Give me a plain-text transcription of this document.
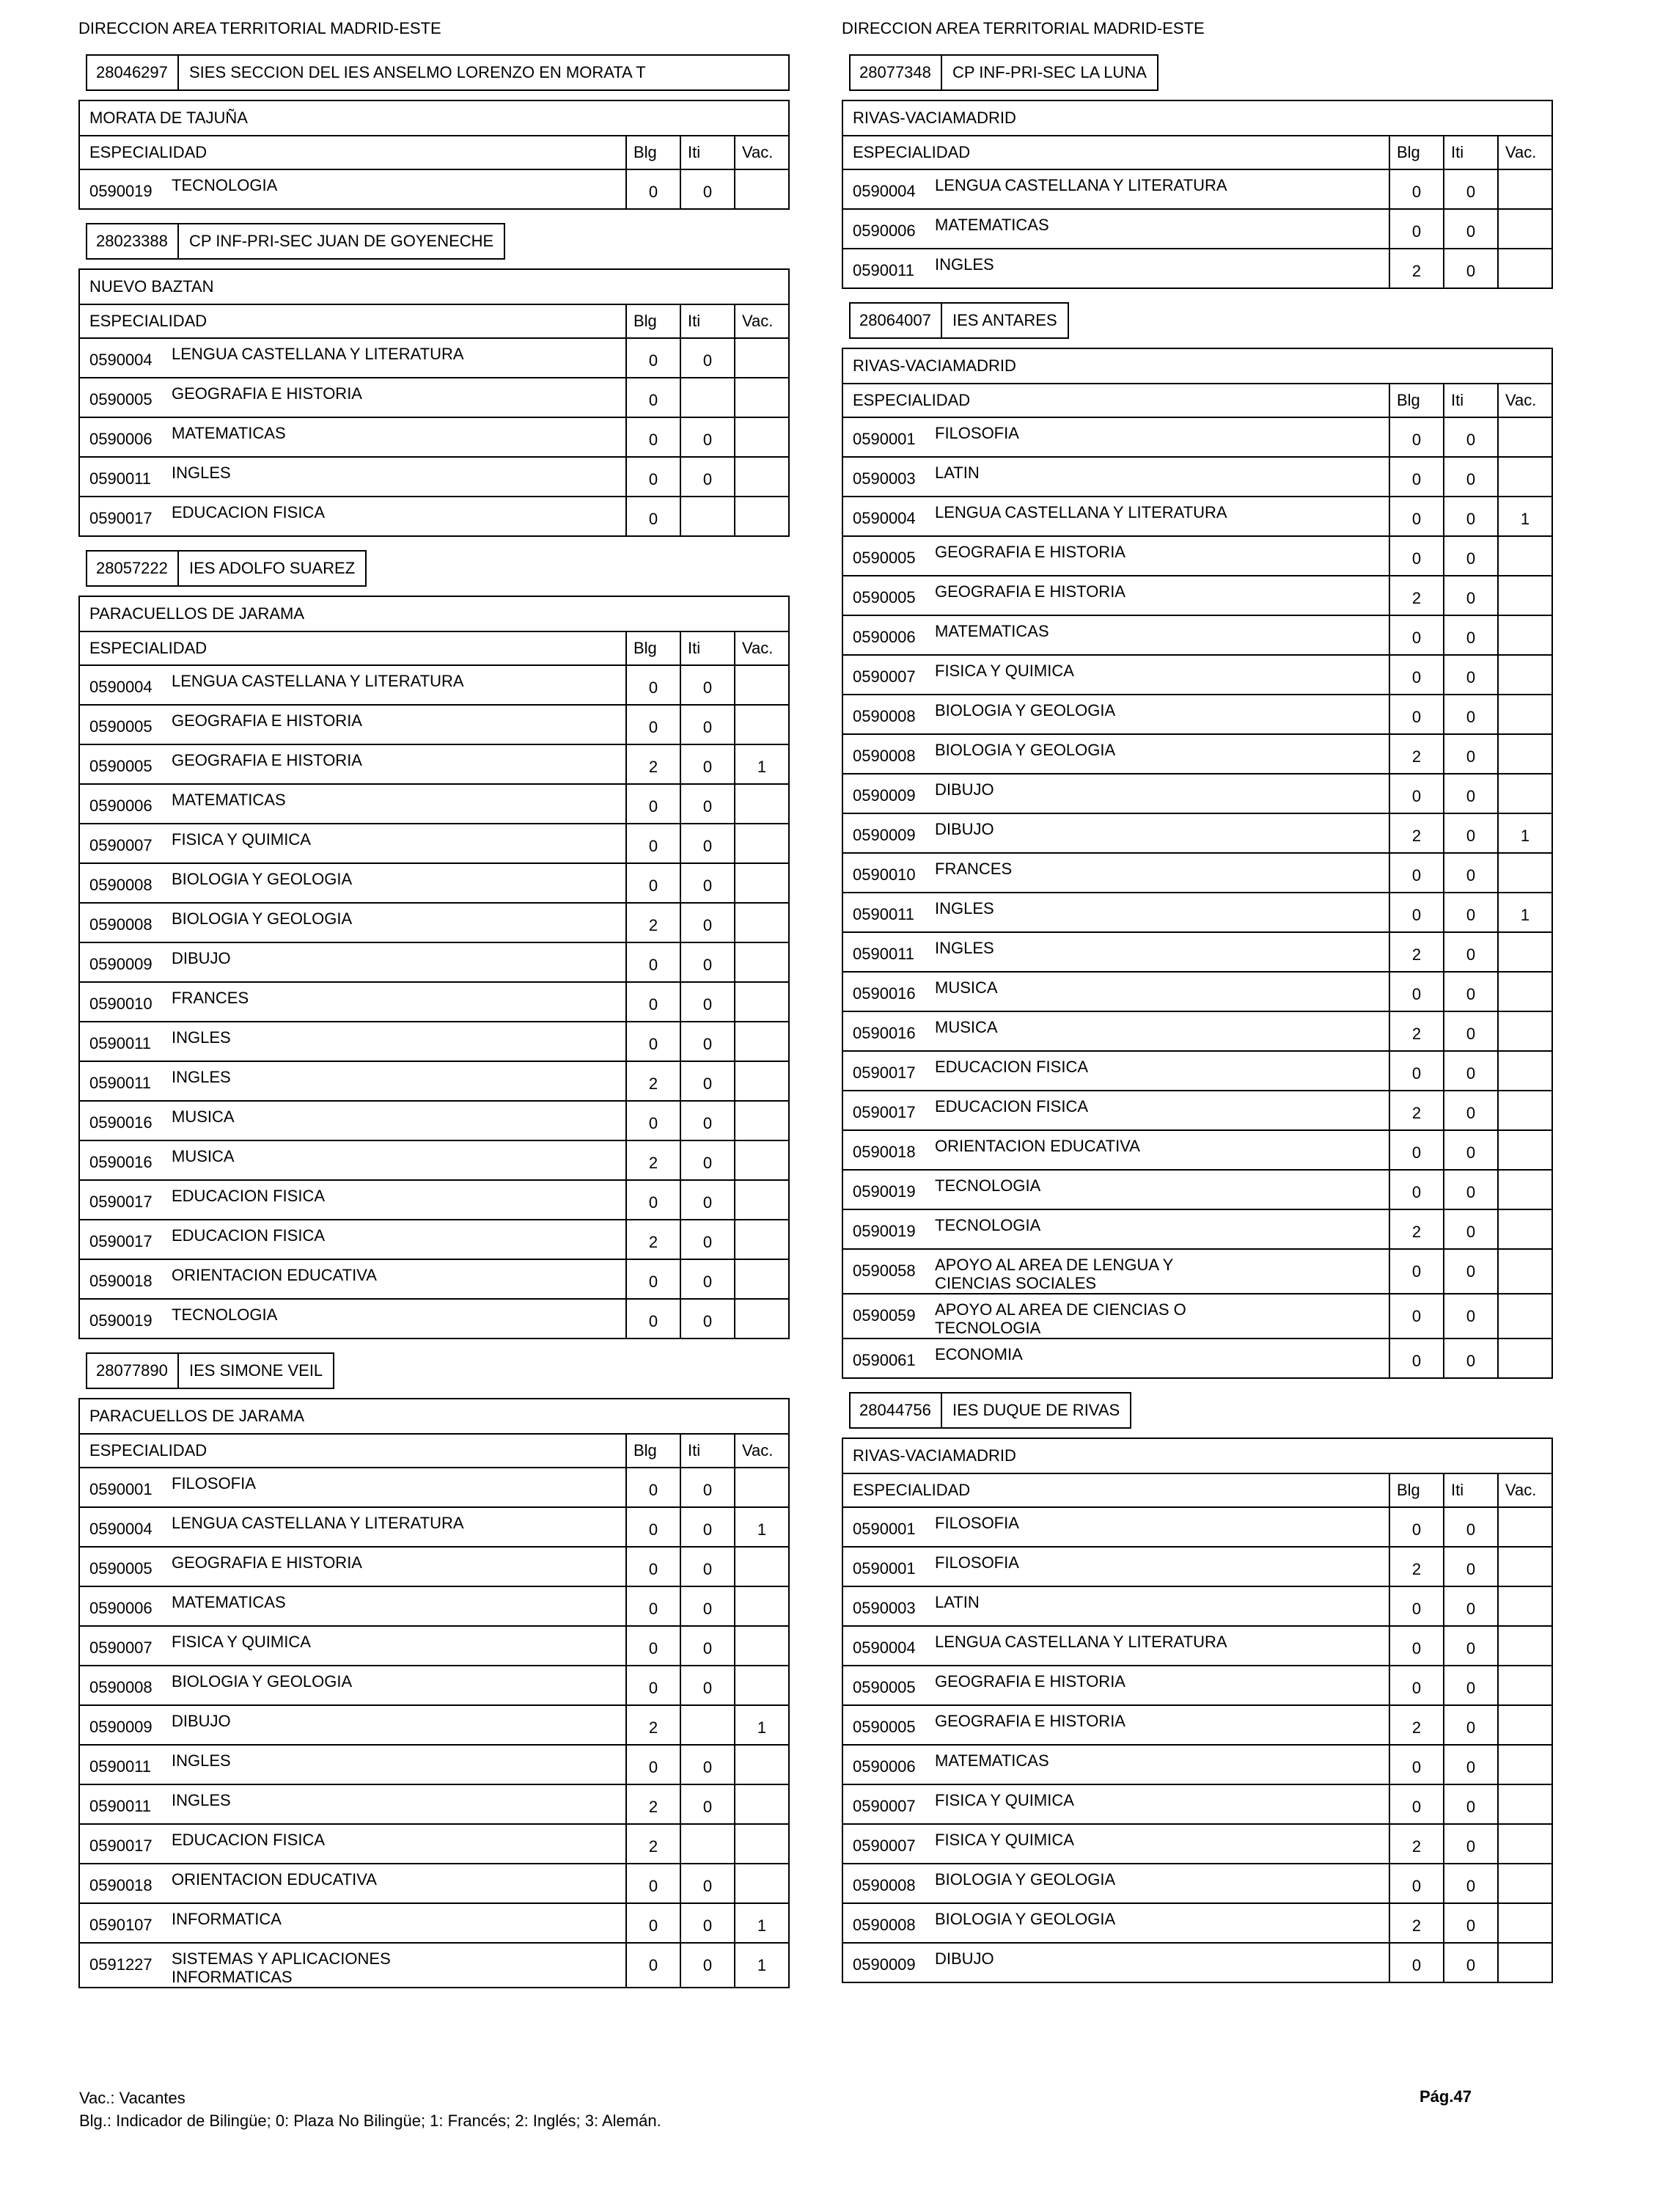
DIRECCION AREA TERRITORIAL MADRID-ESTE
28046297	SIES SECCION DEL IES ANSELMO LORENZO EN MORATA T
MORATA DE TAJUÑA			
ESPECIALIDAD	Blg	Iti	Vac.
0590019 TECNOLOGIA	0	0	
28023388	CP INF-PRI-SEC JUAN DE GOYENECHE
NUEVO BAZTAN			
ESPECIALIDAD	Blg	Iti	Vac.
0590004 LENGUA CASTELLANA Y LITERATURA	0	0	
0590005 GEOGRAFIA E HISTORIA	0		
0590006 MATEMATICAS	0	0	
0590011 INGLES	0	0	
0590017 EDUCACION FISICA	0		
28057222	IES ADOLFO SUAREZ
PARACUELLOS DE JARAMA			
ESPECIALIDAD	Blg	Iti	Vac.
0590004 LENGUA CASTELLANA Y LITERATURA	0	0	
0590005 GEOGRAFIA E HISTORIA	0	0	
0590005 GEOGRAFIA E HISTORIA	2	0	1
0590006 MATEMATICAS	0	0	
0590007 FISICA Y QUIMICA	0	0	
0590008 BIOLOGIA Y GEOLOGIA	0	0	
0590008 BIOLOGIA Y GEOLOGIA	2	0	
0590009 DIBUJO	0	0	
0590010 FRANCES	0	0	
0590011 INGLES	0	0	
0590011 INGLES	2	0	
0590016 MUSICA	0	0	
0590016 MUSICA	2	0	
0590017 EDUCACION FISICA	0	0	
0590017 EDUCACION FISICA	2	0	
0590018 ORIENTACION EDUCATIVA	0	0	
0590019 TECNOLOGIA	0	0	
28077890	IES SIMONE VEIL
PARACUELLOS DE JARAMA			
ESPECIALIDAD	Blg	Iti	Vac.
0590001 FILOSOFIA	0	0	
0590004 LENGUA CASTELLANA Y LITERATURA	0	0	1
0590005 GEOGRAFIA E HISTORIA	0	0	
0590006 MATEMATICAS	0	0	
0590007 FISICA Y QUIMICA	0	0	
0590008 BIOLOGIA Y GEOLOGIA	0	0	
0590009 DIBUJO	2		1
0590011 INGLES	0	0	
0590011 INGLES	2	0	
0590017 EDUCACION FISICA	2		
0590018 ORIENTACION EDUCATIVA	0	0	
0590107 INFORMATICA	0	0	1
0591227 SISTEMAS Y APLICACIONES INFORMATICAS	0	0	1
DIRECCION AREA TERRITORIAL MADRID-ESTE
28077348	CP INF-PRI-SEC LA LUNA
RIVAS-VACIAMADRID			
ESPECIALIDAD	Blg	Iti	Vac.
0590004 LENGUA CASTELLANA Y LITERATURA	0	0	
0590006 MATEMATICAS	0	0	
0590011 INGLES	2	0	
28064007	IES ANTARES
RIVAS-VACIAMADRID			
ESPECIALIDAD	Blg	Iti	Vac.
0590001 FILOSOFIA	0	0	
0590003 LATIN	0	0	
0590004 LENGUA CASTELLANA Y LITERATURA	0	0	1
0590005 GEOGRAFIA E HISTORIA	0	0	
0590005 GEOGRAFIA E HISTORIA	2	0	
0590006 MATEMATICAS	0	0	
0590007 FISICA Y QUIMICA	0	0	
0590008 BIOLOGIA Y GEOLOGIA	0	0	
0590008 BIOLOGIA Y GEOLOGIA	2	0	
0590009 DIBUJO	0	0	
0590009 DIBUJO	2	0	1
0590010 FRANCES	0	0	
0590011 INGLES	0	0	1
0590011 INGLES	2	0	
0590016 MUSICA	0	0	
0590016 MUSICA	2	0	
0590017 EDUCACION FISICA	0	0	
0590017 EDUCACION FISICA	2	0	
0590018 ORIENTACION EDUCATIVA	0	0	
0590019 TECNOLOGIA	0	0	
0590019 TECNOLOGIA	2	0	
0590058 APOYO AL AREA DE LENGUA Y CIENCIAS SOCIALES	0	0	
0590059 APOYO AL AREA DE CIENCIAS O TECNOLOGIA	0	0	
0590061 ECONOMIA	0	0	
28044756	IES DUQUE DE RIVAS
RIVAS-VACIAMADRID			
ESPECIALIDAD	Blg	Iti	Vac.
0590001 FILOSOFIA	0	0	
0590001 FILOSOFIA	2	0	
0590003 LATIN	0	0	
0590004 LENGUA CASTELLANA Y LITERATURA	0	0	
0590005 GEOGRAFIA E HISTORIA	0	0	
0590005 GEOGRAFIA E HISTORIA	2	0	
0590006 MATEMATICAS	0	0	
0590007 FISICA Y QUIMICA	0	0	
0590007 FISICA Y QUIMICA	2	0	
0590008 BIOLOGIA Y GEOLOGIA	0	0	
0590008 BIOLOGIA Y GEOLOGIA	2	0	
0590009 DIBUJO	0	0	
Vac.: Vacantes
Blg.: Indicador de Bilingüe; 0: Plaza No Bilingüe; 1: Francés; 2: Inglés; 3: Alemán.
Pág.47
